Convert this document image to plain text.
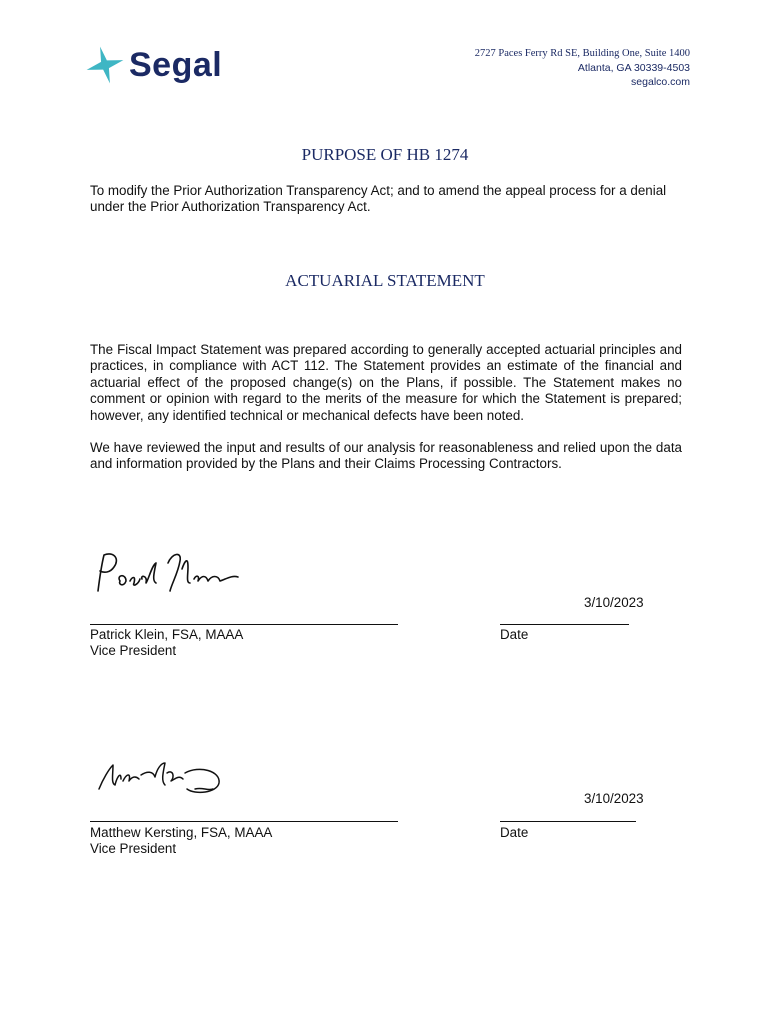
Segal	2727 Paces Ferry Rd SE, Building One, Suite 1400
Atlanta, GA 30339-4503
segalco.com
PURPOSE OF HB 1274
To modify the Prior Authorization Transparency Act; and to amend the appeal process for a denial under the Prior Authorization Transparency Act.
ACTUARIAL STATEMENT
The Fiscal Impact Statement was prepared according to generally accepted actuarial principles and practices, in compliance with ACT 112. The Statement provides an estimate of the financial and actuarial effect of the proposed change(s) on the Plans, if possible. The Statement makes no comment or opinion with regard to the merits of the measure for which the Statement is prepared; however, any identified technical or mechanical defects have been noted.
We have reviewed the input and results of our analysis for reasonableness and relied upon the data and information provided by the Plans and their Claims Processing Contractors.
3/10/2023
Patrick Klein, FSA, MAAA
Vice President
Date
3/10/2023
Matthew Kersting, FSA, MAAA
Vice President
Date
